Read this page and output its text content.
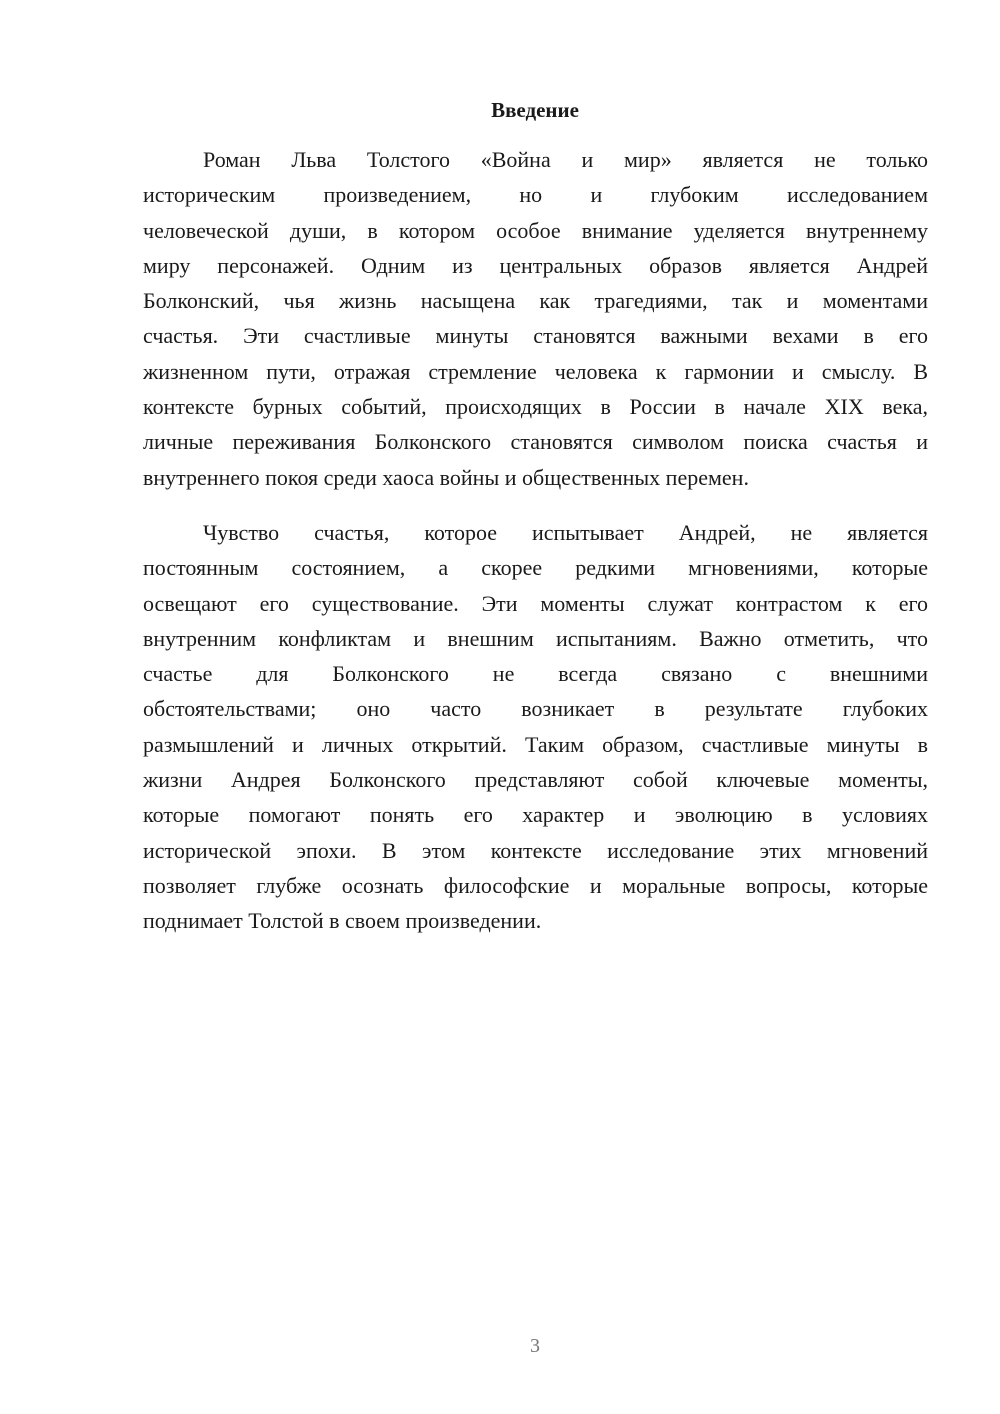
Введение
Роман Льва Толстого «Война и мир» является не только
историческим произведением, но и глубоким исследованием
человеческой души, в котором особое внимание уделяется внутреннему
миру персонажей. Одним из центральных образов является Андрей
Болконский, чья жизнь насыщена как трагедиями, так и моментами
счастья. Эти счастливые минуты становятся важными вехами в его
жизненном пути, отражая стремление человека к гармонии и смыслу. В
контексте бурных событий, происходящих в России в начале XIX века,
личные переживания Болконского становятся символом поиска счастья и
внутреннего покоя среди хаоса войны и общественных перемен.
Чувство счастья, которое испытывает Андрей, не является
постоянным состоянием, а скорее редкими мгновениями, которые
освещают его существование. Эти моменты служат контрастом к его
внутренним конфликтам и внешним испытаниям. Важно отметить, что
счастье для Болконского не всегда связано с внешними
обстоятельствами; оно часто возникает в результате глубоких
размышлений и личных открытий. Таким образом, счастливые минуты в
жизни Андрея Болконского представляют собой ключевые моменты,
которые помогают понять его характер и эволюцию в условиях
исторической эпохи. В этом контексте исследование этих мгновений
позволяет глубже осознать философские и моральные вопросы, которые
поднимает Толстой в своем произведении.
3
